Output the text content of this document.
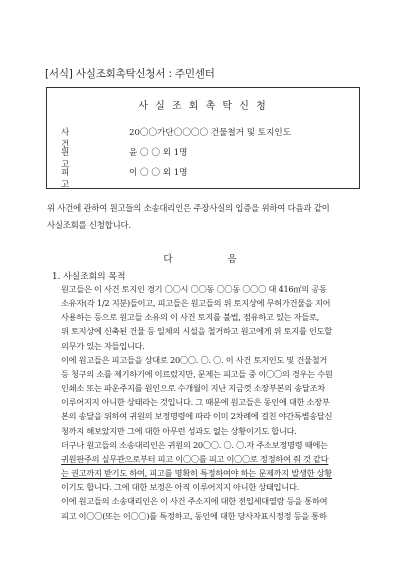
[서식] 사실조회촉탁신청서 : 주민센터
사 실 조 회 촉 탁 신 청
사건
20〇〇가단〇〇〇〇 건물철거 및 토지인도
원고
윤 〇 〇 외 1명
피고
이 〇 〇 외 1명
위 사건에 관하여 원고들의 소송대리인은 주장사실의 입증을 위하여 다음과 같이
사실조회를 신청합니다.
다 음
1. 사실조회의 목적

원고들은 이 사건 토지인 경기 〇〇시 〇〇동 〇〇동 〇〇〇 대 416㎡의 공동

소유자(각 1/2 지분)들이고, 피고들은 원고들의 위 토지상에 무허가건물을 지어

사용하는 등으로 원고들 소유의 이 사건 토지를 불법, 점유하고 있는 자들로,

위 토지상에 신축된 건물 등 일체의 시설을 철거하고 원고에게 위 토지를 인도할

의무가 있는 자들입니다.

이에 원고들은 피고들을 상대로 20〇〇. 〇. 〇. 이 사건 토지인도 및 건물철거

등 청구의 소를 제기하기에 이르렀지만, 문제는 피고들 중 이〇〇의 경우는 수원

인쇄소 또는 파운주지를 원인으로 수개월이 지난 지금껏 소장부본의 송달조차

이루어지지 아니한 상태라는 것입니다. 그 때문에 원고들은 동인에 대한 소장부

본의 송달을 위하여 귀원의 보정명령에 따라 이미 2차례에 걸친 야간특별송달신

청까지 해보았지만 그에 대한 아무런 성과도 없는 상황이기도 합니다.

더구나 원고들의 소송대리인은 귀원의 20〇〇. 〇. 〇.자 주소보정명령 때에는

귀원판주의 실무관으로부터 피고 이〇〇를 피고 이〇〇로 정정하여 줘 것 같다

는 권고까지 받기도 하여, 피고를 명확히 특정하여야 하는 문제까지 발생한 상황

이기도 합니다. 그에 대한 보정은 아직 이루어지지 아니한 상태입니다.

이에 원고들의 소송대리인은 이 사건 주소지에 대한 전입세대열람 등을 통하여

피고 이〇〇(또는 이〇〇)를 특정하고, 동인에 대한 당사자표시정정 등을 통하
